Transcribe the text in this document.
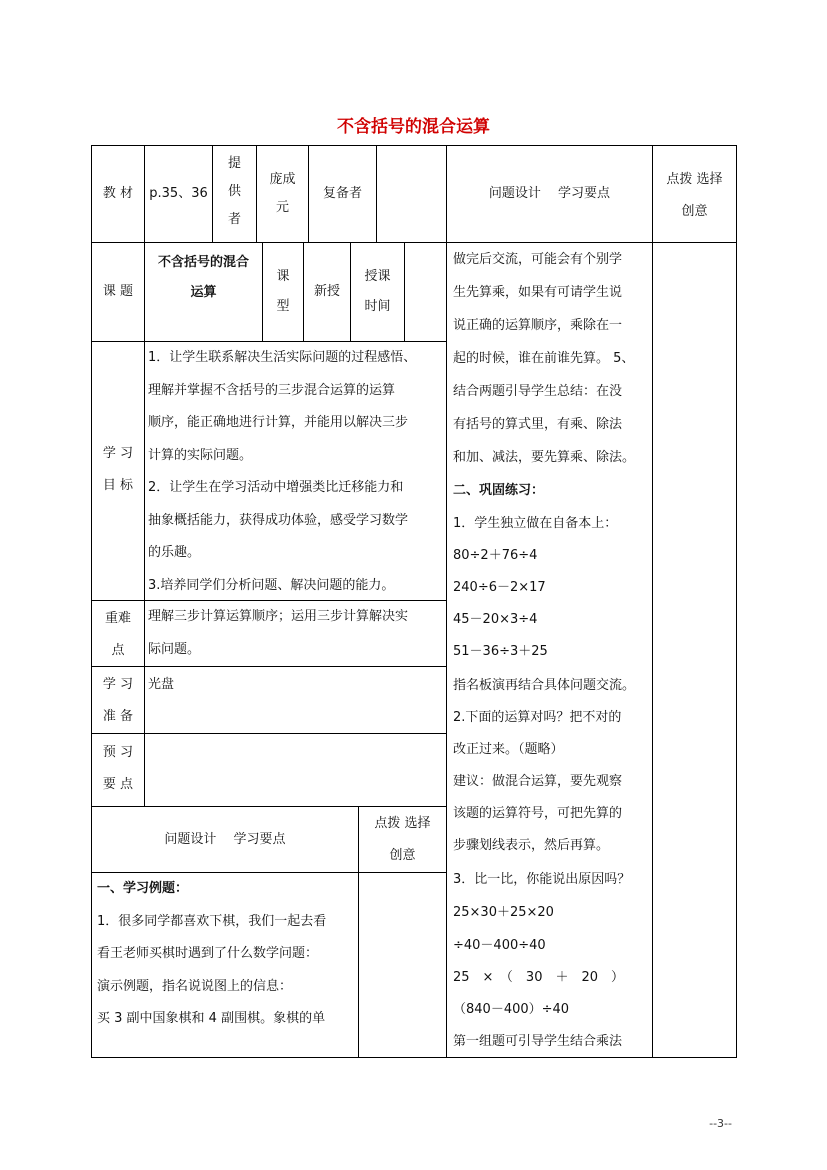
不含括号的混合运算
教 材	p.35、36
提
供
者
庞成
元
复备者	问题设计　 学习要点
点拨 选择
创意
课 题
不含括号的混合
运算
课
型
新授
授课
时间
学 习
目 标
1．让学生联系解决生活实际问题的过程感悟、
理解并掌握不含括号的三步混合运算的运算
顺序，能正确地进行计算，并能用以解决三步
计算的实际问题。
2．让学生在学习活动中增强类比迁移能力和
抽象概括能力，获得成功体验，感受学习数学
的乐趣。
3.培养同学们分析问题、解决问题的能力。
重难
点
理解三步计算运算顺序；运用三步计算解决实
际问题。
学 习
准 备
光盘
预 习
要 点
问题设计　 学习要点
点拨 选择
创意
一、学习例题：
1．很多同学都喜欢下棋，我们一起去看
看王老师买棋时遇到了什么数学问题：
演示例题，指名说说图上的信息：
买 3 副中国象棋和 4 副围棋。象棋的单
做完后交流，可能会有个别学
生先算乘，如果有可请学生说
说正确的运算顺序，乘除在一
起的时候，谁在前谁先算。 5、
结合两题引导学生总结：在没
有括号的算式里，有乘、除法
和加、减法，要先算乘、除法。
二、巩固练习：
1．学生独立做在自备本上：
80÷2＋76÷4
240÷6－2×17
45－20×3÷4
51－36÷3＋25
指名板演再结合具体问题交流。
2.下面的运算对吗？把不对的
改正过来。（题略）
建议：做混合运算，要先观察
该题的运算符号，可把先算的
步骤划线表示，然后再算。
3．比一比，你能说出原因吗？
25×30＋25×20
÷40－400÷40
25　×　（　30　＋　20　）
（840－400）÷40
第一组题可引导学生结合乘法
--3--
